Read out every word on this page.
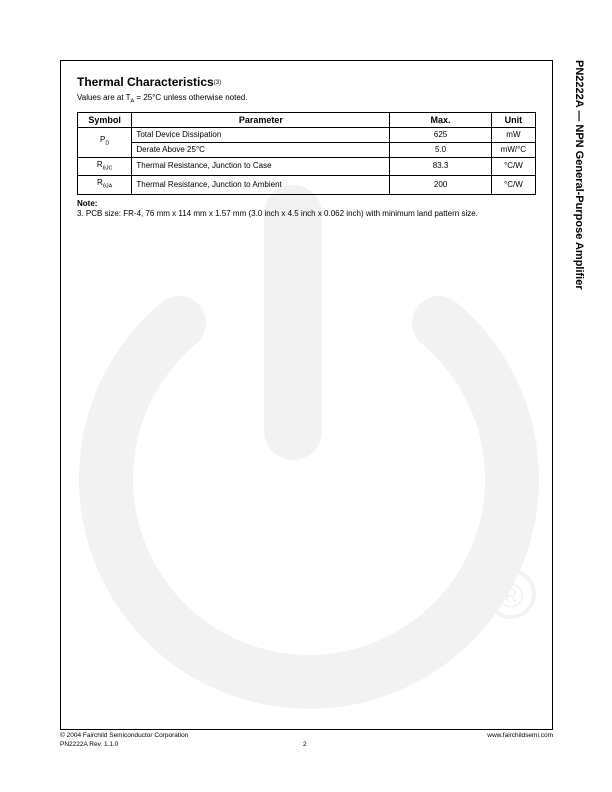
®
Thermal Characteristics$^{(3)}$
Values are at $T_A = 25^\circ C$ unless otherwise noted.
Symbol	Parameter	Max.	Unit
$P_D$	Total Device Dissipation	625	mW
	Derate Above 25°C	5.0	mW/°C
$R_{\theta JC}$	Thermal Resistance, Junction to Case	83.3	°C/W
$R_{\theta JA}$	Thermal Resistance, Junction to Ambient	200	°C/W
Note:
3. PCB size: FR-4, 76 mm x 114 mm x 1.57 mm (3.0 inch x 4.5 inch x 0.062 inch) with minimum land pattern size.	PN2222A — NPN General-Purpose Amplifier
© 2004 Fairchild Semiconductor Corporation	www.fairchildsemi.com
PN2222A Rev. 1.1.0	2
